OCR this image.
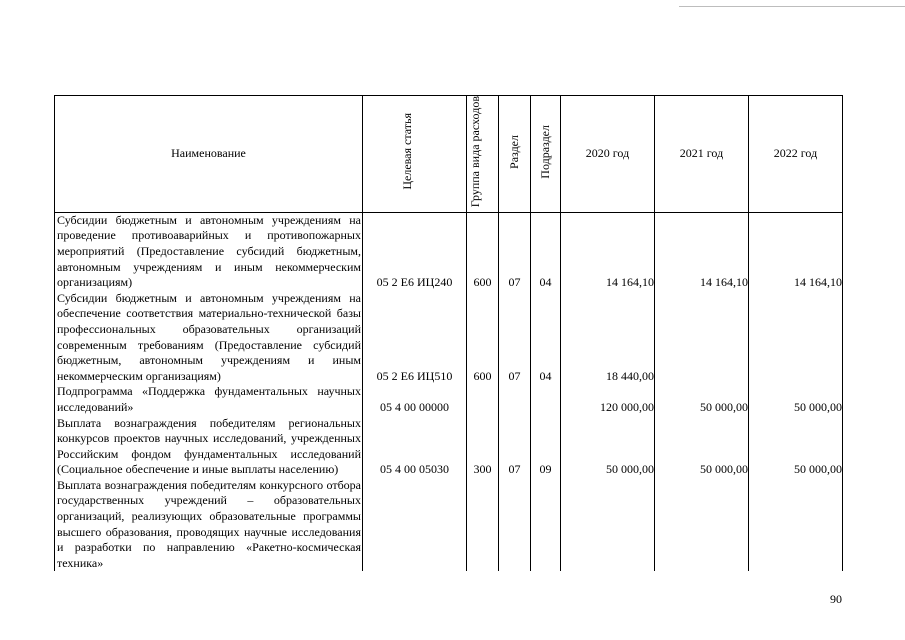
Наименование	Целевая статья	Группа вида расходов	Раздел	Подраздел	2020 год	2021 год	2022 год
Субсидии бюджетным и автономным учреждениям на проведение противоаварийных и противопожарных мероприятий (Предоставление субсидий бюджетным, автономным учреждениям и иным некоммерческим организациям)	05 2 Е6 ИЦ240	600	07	04	14 164,10	14 164,10	14 164,10
Субсидии бюджетным и автономным учреждениям на обеспечение соответствия материально-технической базы профессиональных образовательных организаций современным требованиям (Предоставление субсидий бюджетным, автономным учреждениям и иным некоммерческим организациям)	05 2 Е6 ИЦ510	600	07	04	18 440,00		
Подпрограмма «Поддержка фундаментальных научных исследований»	05 4 00 00000				120 000,00	50 000,00	50 000,00
Выплата вознаграждения победителям региональных конкурсов проектов научных исследований, учрежденных Российским фондом фундаментальных исследований (Социальное обеспечение и иные выплаты населению)	05 4 00 05030	300	07	09	50 000,00	50 000,00	50 000,00
Выплата вознаграждения победителям конкурсного отбора государственных учреждений – образовательных организаций, реализующих образовательные программы высшего образования, проводящих научные исследования и разработки по направлению «Ракетно-космическая техника»							
90
